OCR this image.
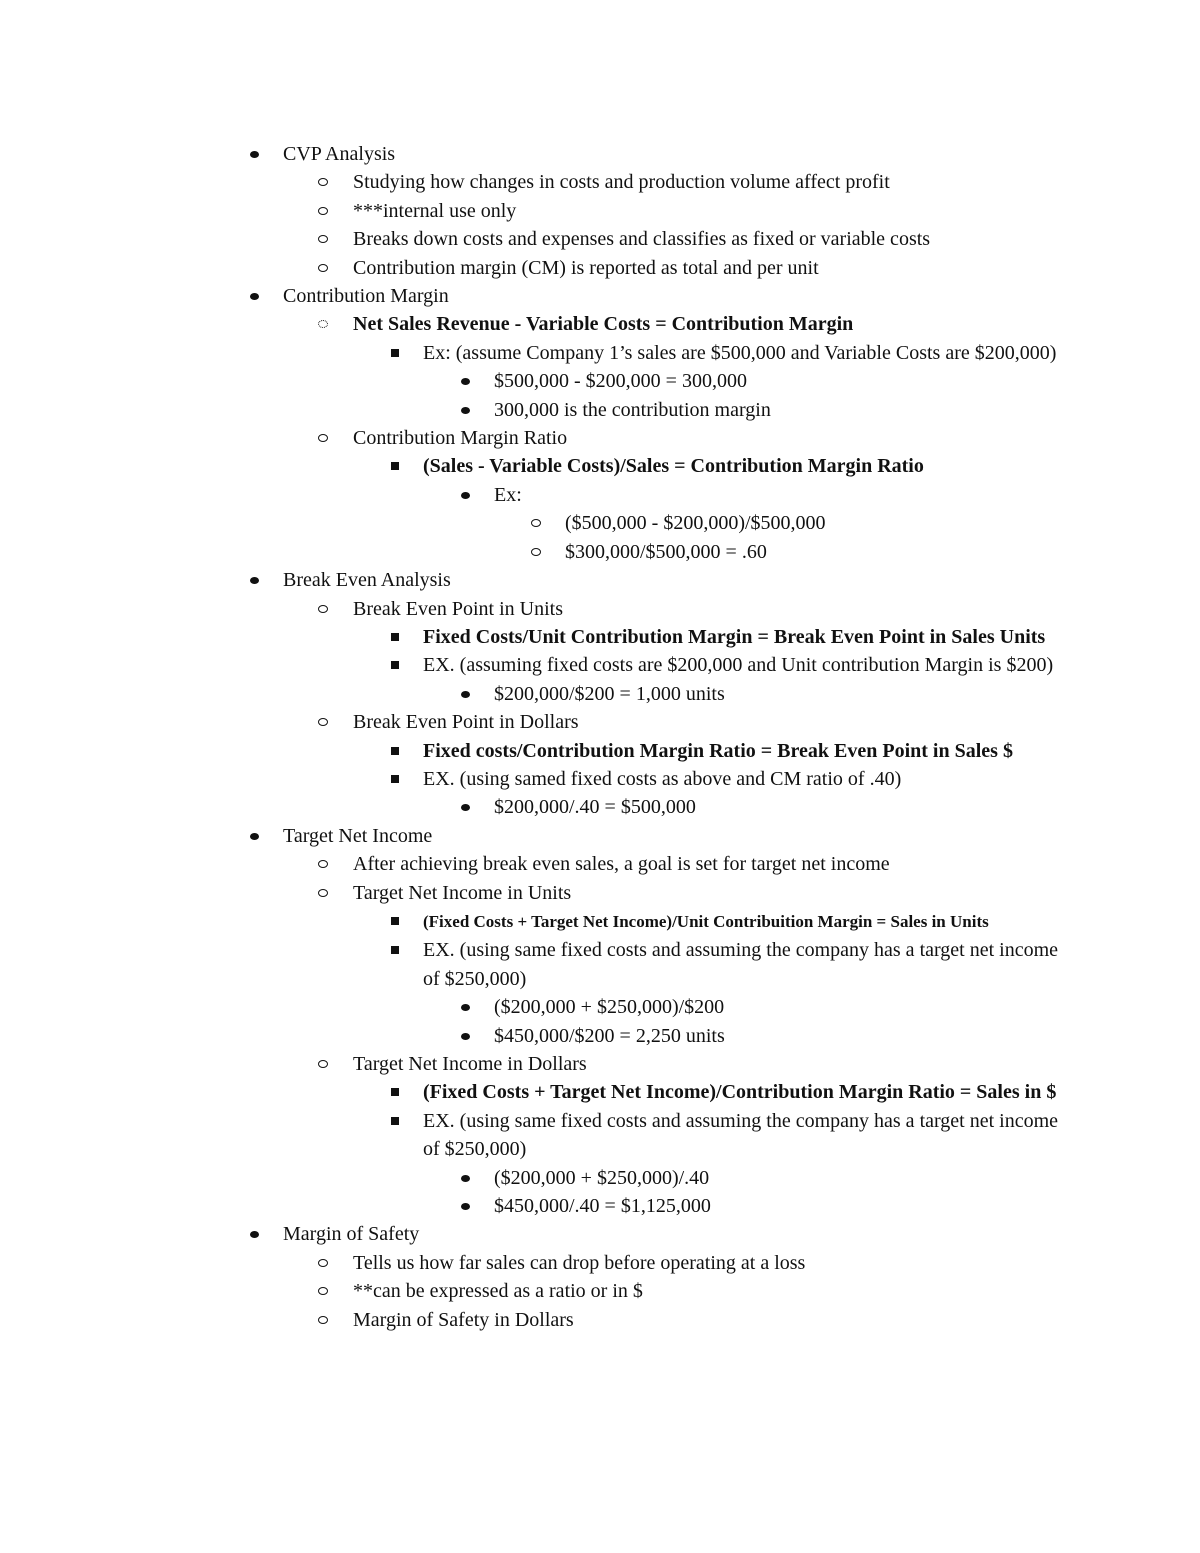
CVP Analysis
Studying how changes in costs and production volume affect profit
***internal use only
Breaks down costs and expenses and classifies as fixed or variable costs
Contribution margin (CM) is reported as total and per unit
Contribution Margin
Net Sales Revenue - Variable Costs = Contribution Margin
Ex: (assume Company 1’s sales are $500,000 and Variable Costs are $200,000)
$500,000 - $200,000 = 300,000
300,000 is the contribution margin
Contribution Margin Ratio
(Sales - Variable Costs)/Sales = Contribution Margin Ratio
Ex:
($500,000 - $200,000)/$500,000
$300,000/$500,000 = .60
Break Even Analysis
Break Even Point in Units
Fixed Costs/Unit Contribution Margin = Break Even Point in Sales Units
EX. (assuming fixed costs are $200,000 and Unit contribution Margin is $200)
$200,000/$200 = 1,000 units
Break Even Point in Dollars
Fixed costs/Contribution Margin Ratio = Break Even Point in Sales $
EX. (using samed fixed costs as above and CM ratio of .40)
$200,000/.40 = $500,000
Target Net Income
After achieving break even sales, a goal is set for target net income
Target Net Income in Units
(Fixed Costs + Target Net Income)/Unit Contribuition Margin = Sales in Units
EX. (using same fixed costs and assuming the company has a target net income of $250,000)
($200,000 + $250,000)/$200
$450,000/$200 = 2,250 units
Target Net Income in Dollars
(Fixed Costs + Target Net Income)/Contribution Margin Ratio = Sales in $
EX. (using same fixed costs and assuming the company has a target net income of $250,000)
($200,000 + $250,000)/.40
$450,000/.40 = $1,125,000
Margin of Safety
Tells us how far sales can drop before operating at a loss
**can be expressed as a ratio or in $
Margin of Safety in Dollars
